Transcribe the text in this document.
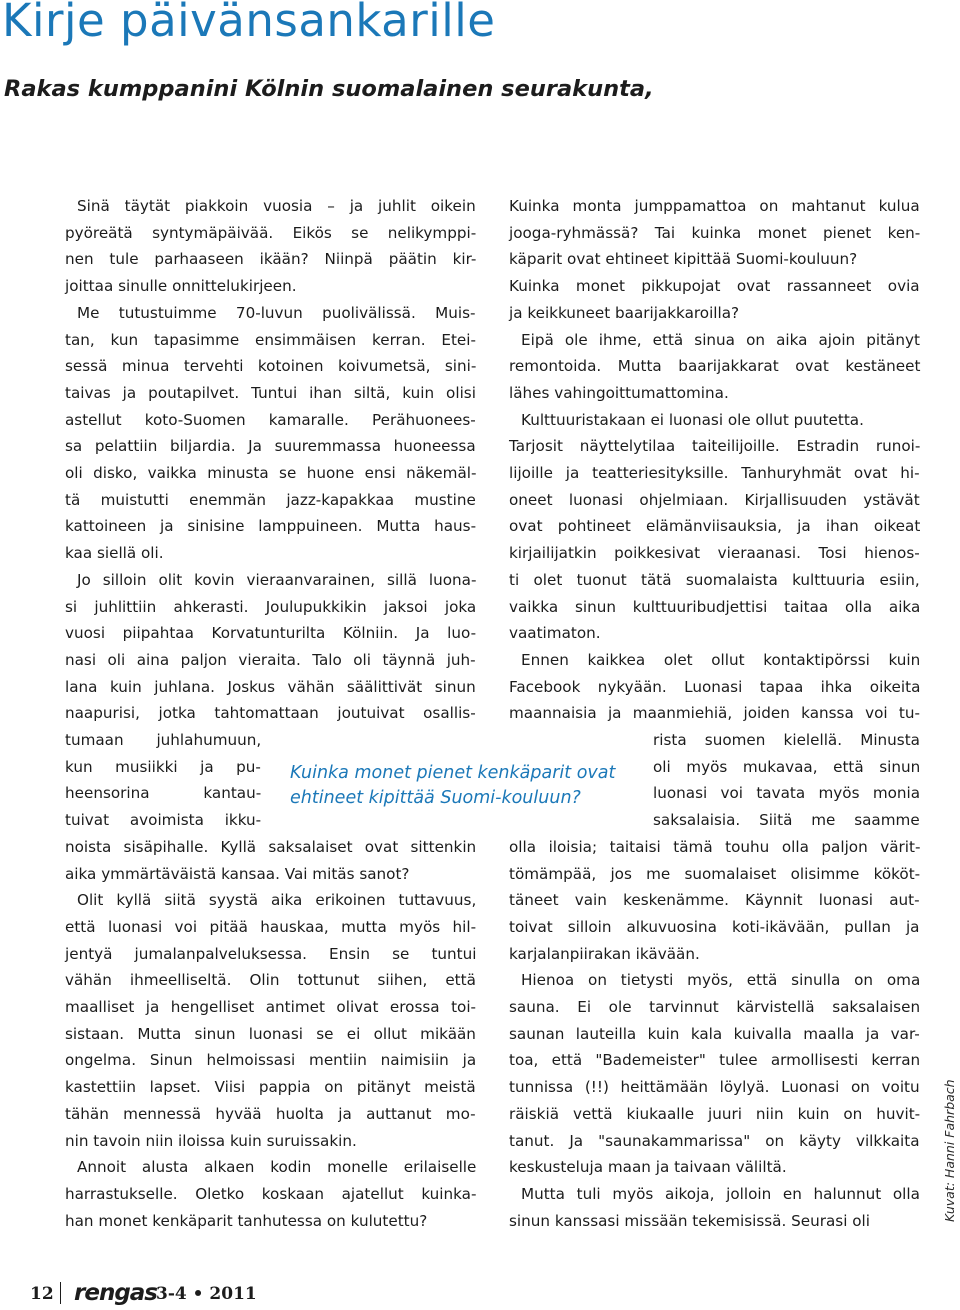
Kirje päivänsankarille
Rakas kumppanini Kölnin suomalainen seurakunta,
Sinä täytät piakkoin vuosia – ja juhlit oikein
pyöreätä syntymäpäivää. Eikös se nelikymppi-
nen tule parhaaseen ikään? Niinpä päätin kir-
joittaa sinulle onnittelukirjeen.
Me tutustuimme 70-luvun puolivälissä. Muis-
tan, kun tapasimme ensimmäisen kerran. Etei-
sessä minua tervehti kotoinen koivumetsä, sini-
taivas ja poutapilvet. Tuntui ihan siltä, kuin olisi
astellut koto-Suomen kamaralle. Perähuonees-
sa pelattiin biljardia. Ja suuremmassa huoneessa
oli disko, vaikka minusta se huone ensi näkemäl-
tä muistutti enemmän jazz-kapakkaa mustine
kattoineen ja sinisine lamppuineen. Mutta haus-
kaa siellä oli.
Jo silloin olit kovin vieraanvarainen, sillä luona-
si juhlittiin ahkerasti. Joulupukkikin jaksoi joka
vuosi piipahtaa Korvatunturilta Kölniin. Ja luo-
nasi oli aina paljon vieraita. Talo oli täynnä juh-
lana kuin juhlana. Joskus vähän säälittivät sinun
naapurisi, jotka tahtomattaan joutuivat osallis-
tumaan juhlahumuun,
kun musiikki ja pu-
heensorina kantau-
tuivat avoimista ikku-
noista sisäpihalle. Kyllä saksalaiset ovat sittenkin
aika ymmärtäväistä kansaa. Vai mitäs sanot?
Olit kyllä siitä syystä aika erikoinen tuttavuus,
että luonasi voi pitää hauskaa, mutta myös hil-
jentyä jumalanpalveluksessa. Ensin se tuntui
vähän ihmeelliseltä. Olin tottunut siihen, että
maalliset ja hengelliset antimet olivat erossa toi-
sistaan. Mutta sinun luonasi se ei ollut mikään
ongelma. Sinun helmoissasi mentiin naimisiin ja
kastettiin lapset. Viisi pappia on pitänyt meistä
tähän mennessä hyvää huolta ja auttanut mo-
nin tavoin niin iloissa kuin suruissakin.
Annoit alusta alkaen kodin monelle erilaiselle
harrastukselle. Oletko koskaan ajatellut kuinka-
han monet kenkäparit tanhutessa on kulutettu?
Kuinka monta jumppamattoa on mahtanut kulua
jooga-ryhmässä? Tai kuinka monet pienet ken-
käparit ovat ehtineet kipittää Suomi-kouluun?
Kuinka monet pikkupojat ovat rassanneet ovia
ja keikkuneet baarijakkaroilla?
Eipä ole ihme, että sinua on aika ajoin pitänyt
remontoida. Mutta baarijakkarat ovat kestäneet
lähes vahingoittumattomina.
Kulttuuristakaan ei luonasi ole ollut puutetta.
Tarjosit näyttelytilaa taiteilijoille. Estradin runoi-
lijoille ja teatteriesityksille. Tanhuryhmät ovat hi-
oneet luonasi ohjelmiaan. Kirjallisuuden ystävät
ovat pohtineet elämänviisauksia, ja ihan oikeat
kirjailijatkin poikkesivat vieraanasi. Tosi hienos-
ti olet tuonut tätä suomalaista kulttuuria esiin,
vaikka sinun kulttuuribudjettisi taitaa olla aika
vaatimaton.
Ennen kaikkea olet ollut kontaktipörssi kuin
Facebook nykyään. Luonasi tapaa ihka oikeita
maannaisia ja maanmiehiä, joiden kanssa voi tu-
rista suomen kielellä. Minusta
oli myös mukavaa, että sinun
luonasi voi tavata myös monia
saksalaisia. Siitä me saamme
olla iloisia; taitaisi tämä touhu olla paljon värit-
tömämpää, jos me suomalaiset olisimme kököt-
täneet vain keskenämme. Käynnit luonasi aut-
toivat silloin alkuvuosina koti-ikävään, pullan ja
karjalanpiirakan ikävään.
Hienoa on tietysti myös, että sinulla on oma
sauna. Ei ole tarvinnut kärvistellä saksalaisen
saunan lauteilla kuin kala kuivalla maalla ja var-
toa, että "Bademeister" tulee armollisesti kerran
tunnissa (!!) heittämään löylyä. Luonasi on voitu
räiskiä vettä kiukaalle juuri niin kuin on huvit-
tanut. Ja "saunakammarissa" on käyty vilkkaita
keskusteluja maan ja taivaan väliltä.
Mutta tuli myös aikoja, jolloin en halunnut olla
sinun kanssasi missään tekemisissä. Seurasi oli
Kuinka monet pienet kenkäparit ovat
ehtineet kipittää Suomi-kouluun?
Kuvat: Hanni Fahrbach
12 rengas 3-4 • 2011
